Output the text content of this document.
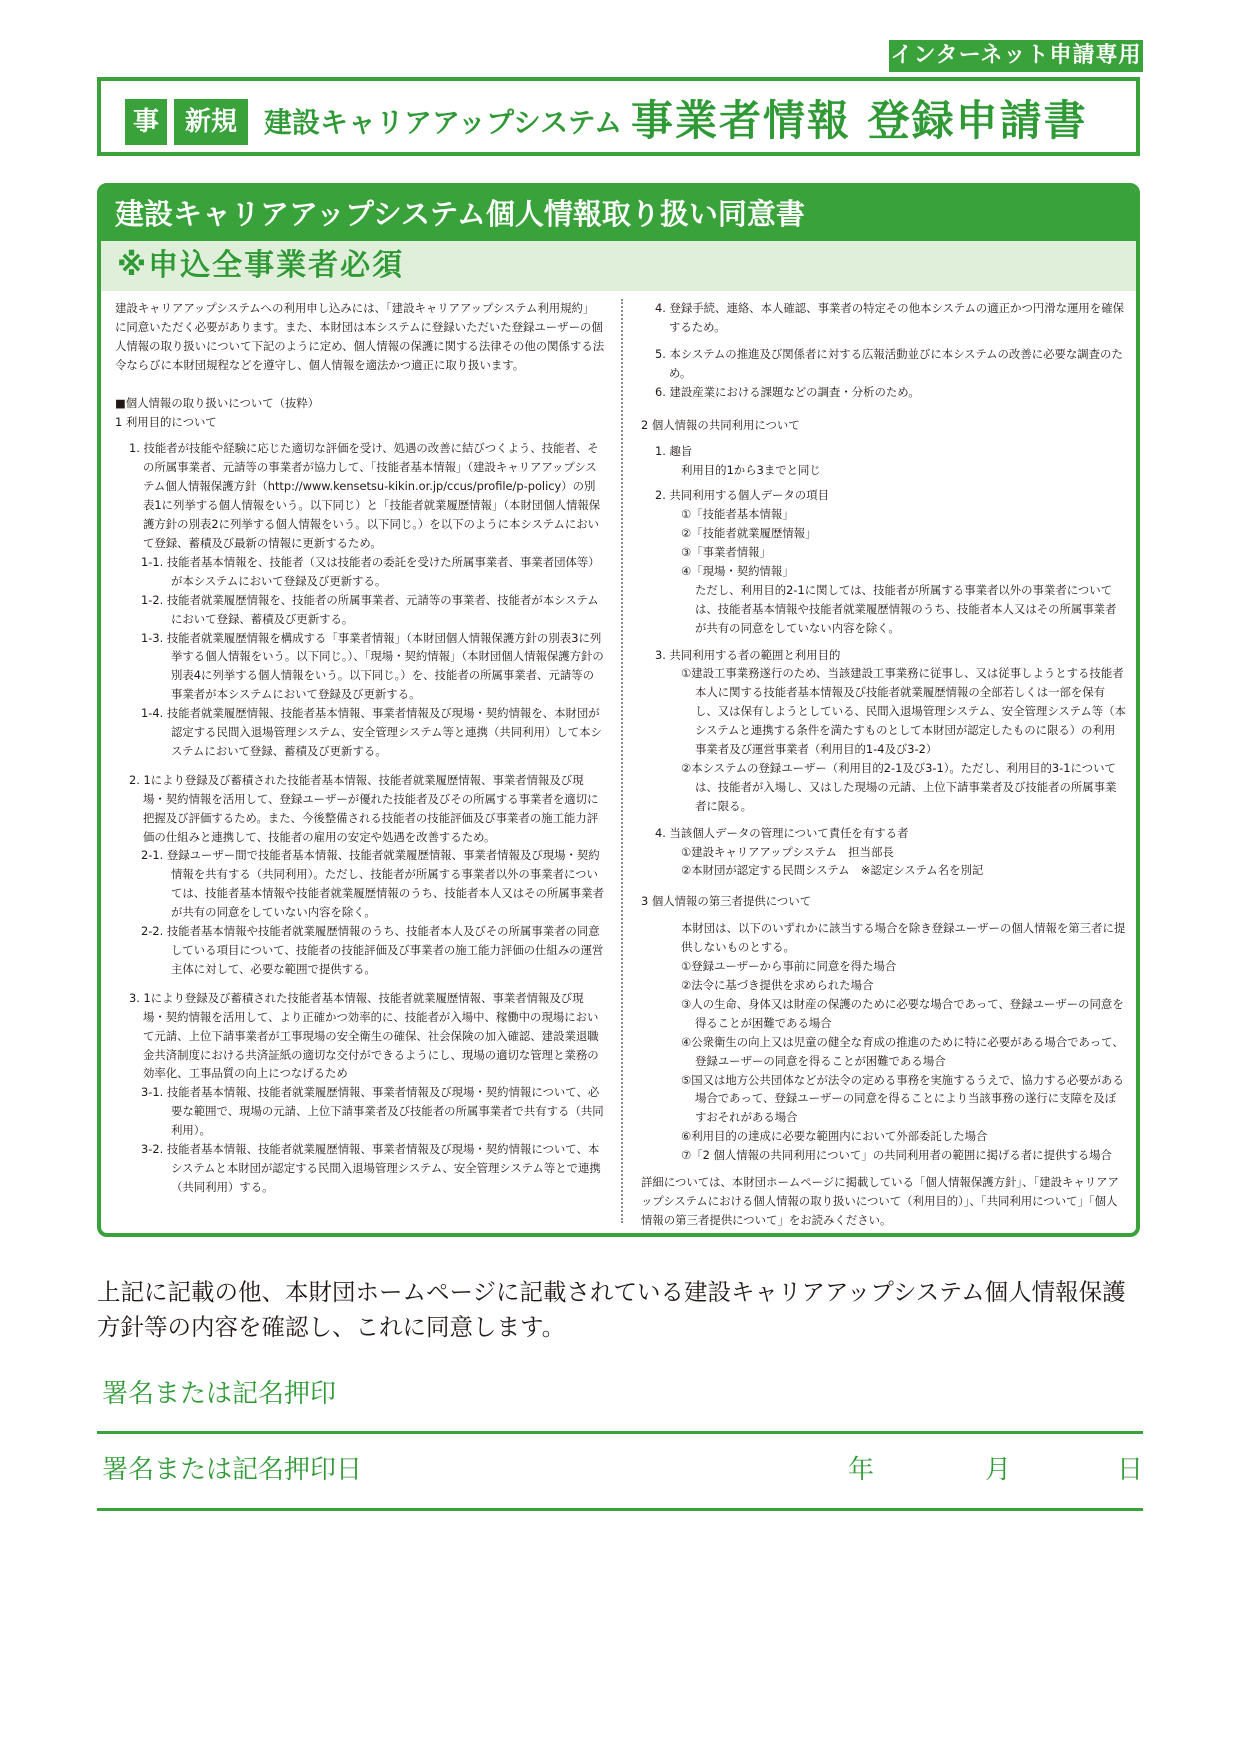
インターネット申請専用
事 新規 建設キャリアアップシステム 事業者情報 登録申請書
建設キャリアアップシステム個人情報取り扱い同意書
※申込全事業者必須

建設キャリアアップシステムへの利用申し込みには、「建設キャリアアップシステム利用規約」に同意いただく必要があります。また、本財団は本システムに登録いただいた登録ユーザーの個人情報の取り扱いについて下記のように定め、個人情報の保護に関する法律その他の関係する法令ならびに本財団規程などを遵守し、個人情報を適法かつ適正に取り扱います。

■個人情報の取り扱いについて（抜粋）

1 利用目的について

1. 技能者が技能や経験に応じた適切な評価を受け、処遇の改善に結びつくよう、技能者、その所属事業者、元請等の事業者が協力して、「技能者基本情報」（建設キャリアアップシステム個人情報保護方針（http://www.kensetsu-kikin.or.jp/ccus/profile/p-policy）の別表1に列挙する個人情報をいう。以下同じ）と「技能者就業履歴情報」（本財団個人情報保護方針の別表2に列挙する個人情報をいう。以下同じ。）を以下のように本システムにおいて登録、蓄積及び最新の情報に更新するため。

1-1. 技能者基本情報を、技能者（又は技能者の委託を受けた所属事業者、事業者団体等）が本システムにおいて登録及び更新する。

1-2. 技能者就業履歴情報を、技能者の所属事業者、元請等の事業者、技能者が本システムにおいて登録、蓄積及び更新する。

1-3. 技能者就業履歴情報を構成する「事業者情報」（本財団個人情報保護方針の別表3に列挙する個人情報をいう。以下同じ。）、「現場・契約情報」（本財団個人情報保護方針の別表4に列挙する個人情報をいう。以下同じ。）を、技能者の所属事業者、元請等の事業者が本システムにおいて登録及び更新する。

1-4. 技能者就業履歴情報、技能者基本情報、事業者情報及び現場・契約情報を、本財団が認定する民間入退場管理システム、安全管理システム等と連携（共同利用）して本システムにおいて登録、蓄積及び更新する。

2. 1により登録及び蓄積された技能者基本情報、技能者就業履歴情報、事業者情報及び現場・契約情報を活用して、登録ユーザーが優れた技能者及びその所属する事業者を適切に把握及び評価するため。また、今後整備される技能者の技能評価及び事業者の施工能力評価の仕組みと連携して、技能者の雇用の安定や処遇を改善するため。

2-1. 登録ユーザー間で技能者基本情報、技能者就業履歴情報、事業者情報及び現場・契約情報を共有する（共同利用）。ただし、技能者が所属する事業者以外の事業者については、技能者基本情報や技能者就業履歴情報のうち、技能者本人又はその所属事業者が共有の同意をしていない内容を除く。

2-2. 技能者基本情報や技能者就業履歴情報のうち、技能者本人及びその所属事業者の同意している項目について、技能者の技能評価及び事業者の施工能力評価の仕組みの運営主体に対して、必要な範囲で提供する。

3. 1により登録及び蓄積された技能者基本情報、技能者就業履歴情報、事業者情報及び現場・契約情報を活用して、より正確かつ効率的に、技能者が入場中、稼働中の現場において元請、上位下請事業者が工事現場の安全衛生の確保、社会保険の加入確認、建設業退職金共済制度における共済証紙の適切な交付ができるようにし、現場の適切な管理と業務の効率化、工事品質の向上につなげるため

3-1. 技能者基本情報、技能者就業履歴情報、事業者情報及び現場・契約情報について、必要な範囲で、現場の元請、上位下請事業者及び技能者の所属事業者で共有する（共同利用）。

3-2. 技能者基本情報、技能者就業履歴情報、事業者情報及び現場・契約情報について、本システムと本財団が認定する民間入退場管理システム、安全管理システム等とで連携（共同利用）する。

4. 登録手続、連絡、本人確認、事業者の特定その他本システムの適正かつ円滑な運用を確保するため。

5. 本システムの推進及び関係者に対する広報活動並びに本システムの改善に必要な調査のため。

6. 建設産業における課題などの調査・分析のため。

2 個人情報の共同利用について

1. 趣旨

利用目的1から3までと同じ

2. 共同利用する個人データの項目

①「技能者基本情報」

②「技能者就業履歴情報」

③「事業者情報」

④「現場・契約情報」

ただし、利用目的2-1に関しては、技能者が所属する事業者以外の事業者については、技能者基本情報や技能者就業履歴情報のうち、技能者本人又はその所属事業者が共有の同意をしていない内容を除く。

3. 共同利用する者の範囲と利用目的

①建設工事業務遂行のため、当該建設工事業務に従事し、又は従事しようとする技能者本人に関する技能者基本情報及び技能者就業履歴情報の全部若しくは一部を保有し、又は保有しようとしている、民間入退場管理システム、安全管理システム等（本システムと連携する条件を満たすものとして本財団が認定したものに限る）の利用事業者及び運営事業者（利用目的1-4及び3-2）

②本システムの登録ユーザー（利用目的2-1及び3-1）。ただし、利用目的3-1については、技能者が入場し、又はした現場の元請、上位下請事業者及び技能者の所属事業者に限る。

4. 当該個人データの管理について責任を有する者

①建設キャリアアップシステム　担当部長

②本財団が認定する民間システム　※認定システム名を別記

3 個人情報の第三者提供について

本財団は、以下のいずれかに該当する場合を除き登録ユーザーの個人情報を第三者に提供しないものとする。

①登録ユーザーから事前に同意を得た場合

②法令に基づき提供を求められた場合

③人の生命、身体又は財産の保護のために必要な場合であって、登録ユーザーの同意を得ることが困難である場合

④公衆衛生の向上又は児童の健全な育成の推進のために特に必要がある場合であって、登録ユーザーの同意を得ることが困難である場合

⑤国又は地方公共団体などが法令の定める事務を実施するうえで、協力する必要がある場合であって、登録ユーザーの同意を得ることにより当該事務の遂行に支障を及ぼすおそれがある場合

⑥利用目的の達成に必要な範囲内において外部委託した場合

⑦「2 個人情報の共同利用について」の共同利用者の範囲に掲げる者に提供する場合

詳細については、本財団ホームページに掲載している「個人情報保護方針」、「建設キャリアアップシステムにおける個人情報の取り扱いについて（利用目的）」、「共同利用について」「個人情報の第三者提供について」をお読みください。

上記に記載の他、本財団ホームページに記載されている建設キャリアアップシステム個人情報保護方針等の内容を確認し、これに同意します。
署名または記名押印
署名または記名押印日	年	月	日
